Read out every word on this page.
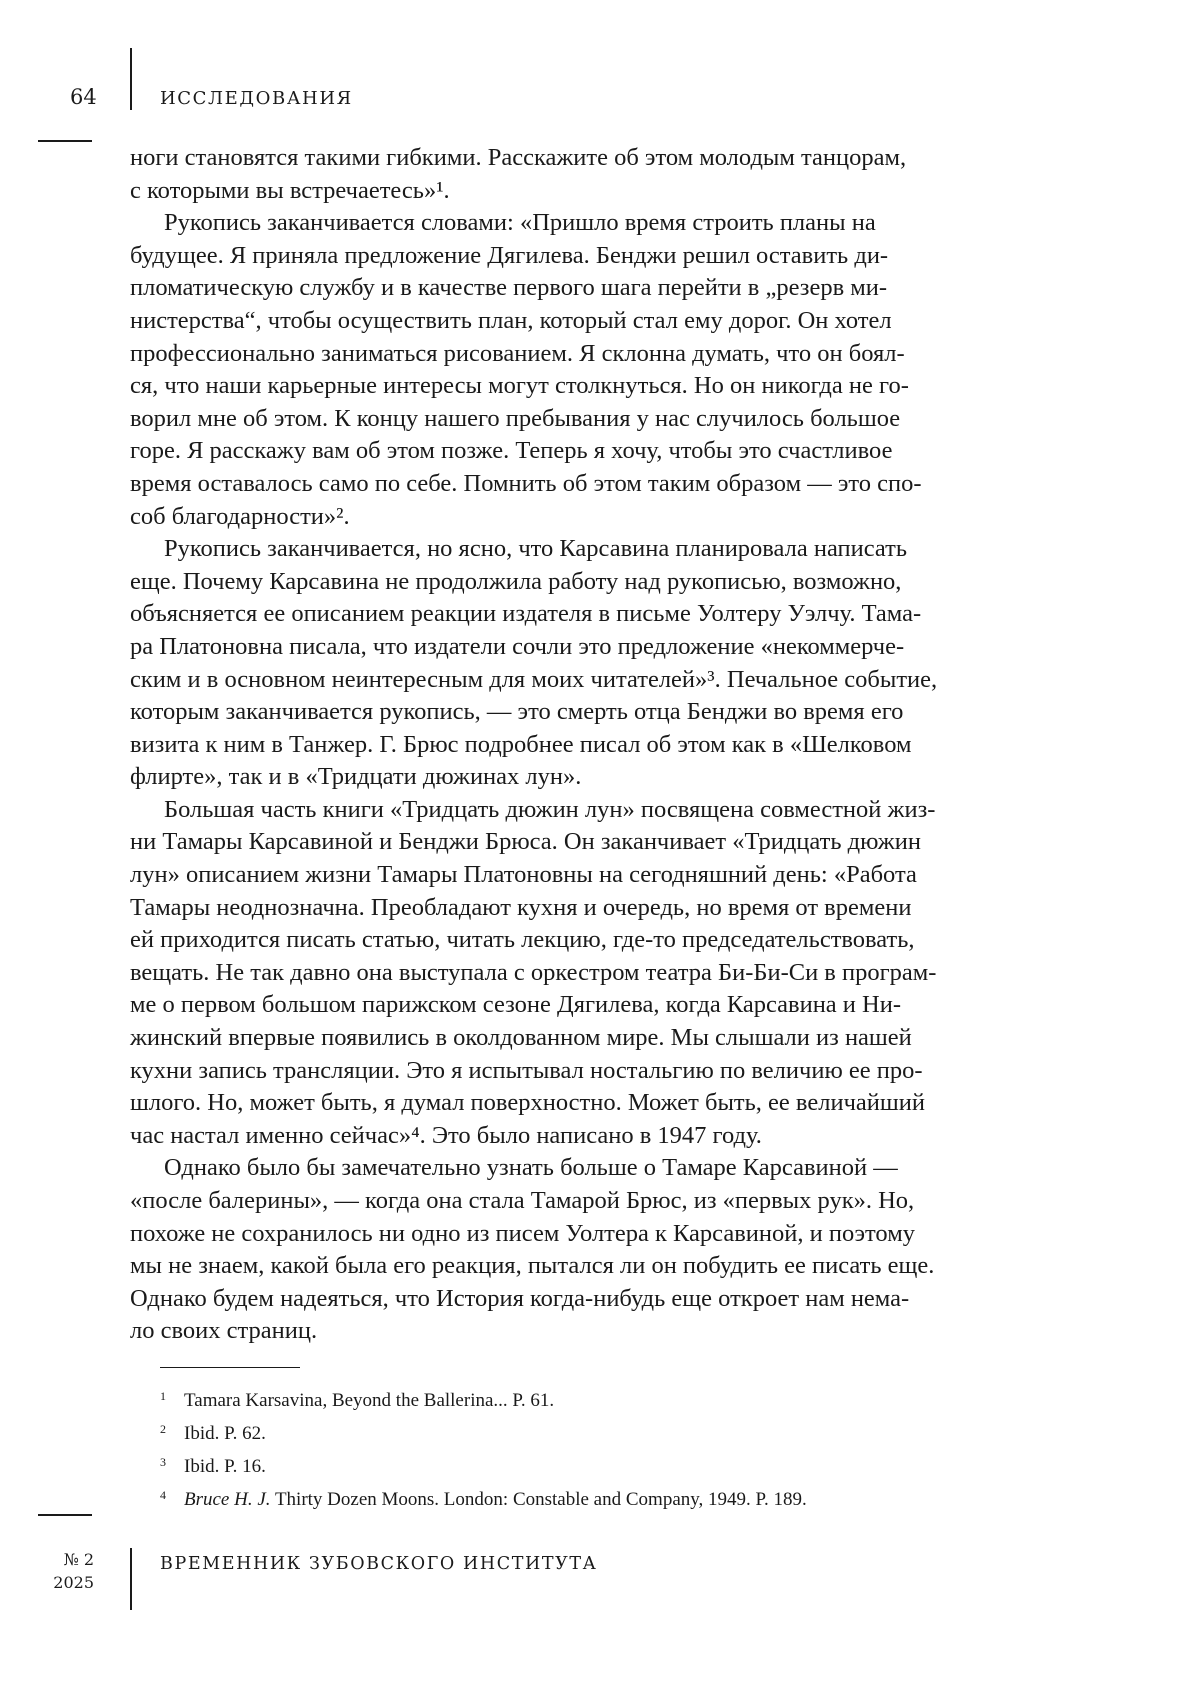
64	ИССЛЕДОВАНИЯ

ноги становятся такими гибкими. Расскажите об этом молодым танцорам,
с которыми вы встречаетесь»¹.

Рукопись заканчивается словами: «Пришло время строить планы на
будущее. Я приняла предложение Дягилева. Бенджи решил оставить ди-
пломатическую службу и в качестве первого шага перейти в „резерв ми-
нистерства“, чтобы осуществить план, который стал ему дорог. Он хотел
профессионально заниматься рисованием. Я склонна думать, что он боял-
ся, что наши карьерные интересы могут столкнуться. Но он никогда не го-
ворил мне об этом. К концу нашего пребывания у нас случилось большое
горе. Я расскажу вам об этом позже. Теперь я хочу, чтобы это счастливое
время оставалось само по себе. Помнить об этом таким образом — это спо-
соб благодарности»².

Рукопись заканчивается, но ясно, что Карсавина планировала написать
еще. Почему Карсавина не продолжила работу над рукописью, возможно,
объясняется ее описанием реакции издателя в письме Уолтеру Уэлчу. Тама-
ра Платоновна писала, что издатели сочли это предложение «некоммерче-
ским и в основном неинтересным для моих читателей»³. Печальное событие,
которым заканчивается рукопись, — это смерть отца Бенджи во время его
визита к ним в Танжер. Г. Брюс подробнее писал об этом как в «Шелковом
флирте», так и в «Тридцати дюжинах лун».

Большая часть книги «Тридцать дюжин лун» посвящена совместной жиз-
ни Тамары Карсавиной и Бенджи Брюса. Он заканчивает «Тридцать дюжин
лун» описанием жизни Тамары Платоновны на сегодняшний день: «Работа
Тамары неоднозначна. Преобладают кухня и очередь, но время от времени
ей приходится писать статью, читать лекцию, где-то председательствовать,
вещать. Не так давно она выступала с оркестром театра Би-Би-Си в програм-
ме о первом большом парижском сезоне Дягилева, когда Карсавина и Ни-
жинский впервые появились в околдованном мире. Мы слышали из нашей
кухни запись трансляции. Это я испытывал ностальгию по величию ее про-
шлого. Но, может быть, я думал поверхностно. Может быть, ее величайший
час настал именно сейчас»⁴. Это было написано в 1947 году.

Однако было бы замечательно узнать больше о Тамаре Карсавиной —
«после балерины», — когда она стала Тамарой Брюс, из «первых рук». Но,
похоже не сохранилось ни одно из писем Уолтера к Карсавиной, и поэтому
мы не знаем, какой была его реакция, пытался ли он побудить ее писать еще.
Однако будем надеяться, что История когда-нибудь еще откроет нам нема-
ло своих страниц.

1 Tamara Karsavina, Beyond the Ballerina... P. 61.
2 Ibid. P. 62.
3 Ibid. P. 16.
4 Bruce H. J. Thirty Dozen Moons. London: Constable and Company, 1949. P. 189.
№ 2
2025
ВРЕМЕННИК ЗУБОВСКОГО ИНСТИТУТА
